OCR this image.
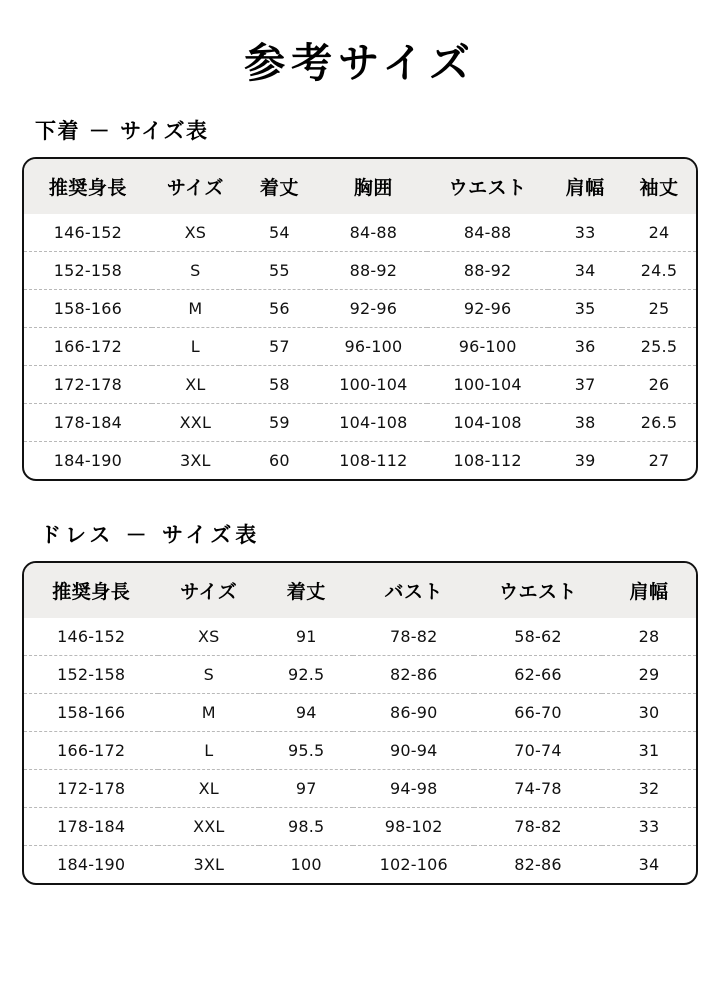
参考サイズ
下着 － サイズ表
推奨身長	サイズ	着丈	胸囲	ウエスト	肩幅	袖丈
146-152	XS	54	84-88	84-88	33	24
152-158	S	55	88-92	88-92	34	24.5
158-166	M	56	92-96	92-96	35	25
166-172	L	57	96-100	96-100	36	25.5
172-178	XL	58	100-104	100-104	37	26
178-184	XXL	59	104-108	104-108	38	26.5
184-190	3XL	60	108-112	108-112	39	27
ドレス － サイズ表
推奨身長	サイズ	着丈	バスト	ウエスト	肩幅
146-152	XS	91	78-82	58-62	28
152-158	S	92.5	82-86	62-66	29
158-166	M	94	86-90	66-70	30
166-172	L	95.5	90-94	70-74	31
172-178	XL	97	94-98	74-78	32
178-184	XXL	98.5	98-102	78-82	33
184-190	3XL	100	102-106	82-86	34
